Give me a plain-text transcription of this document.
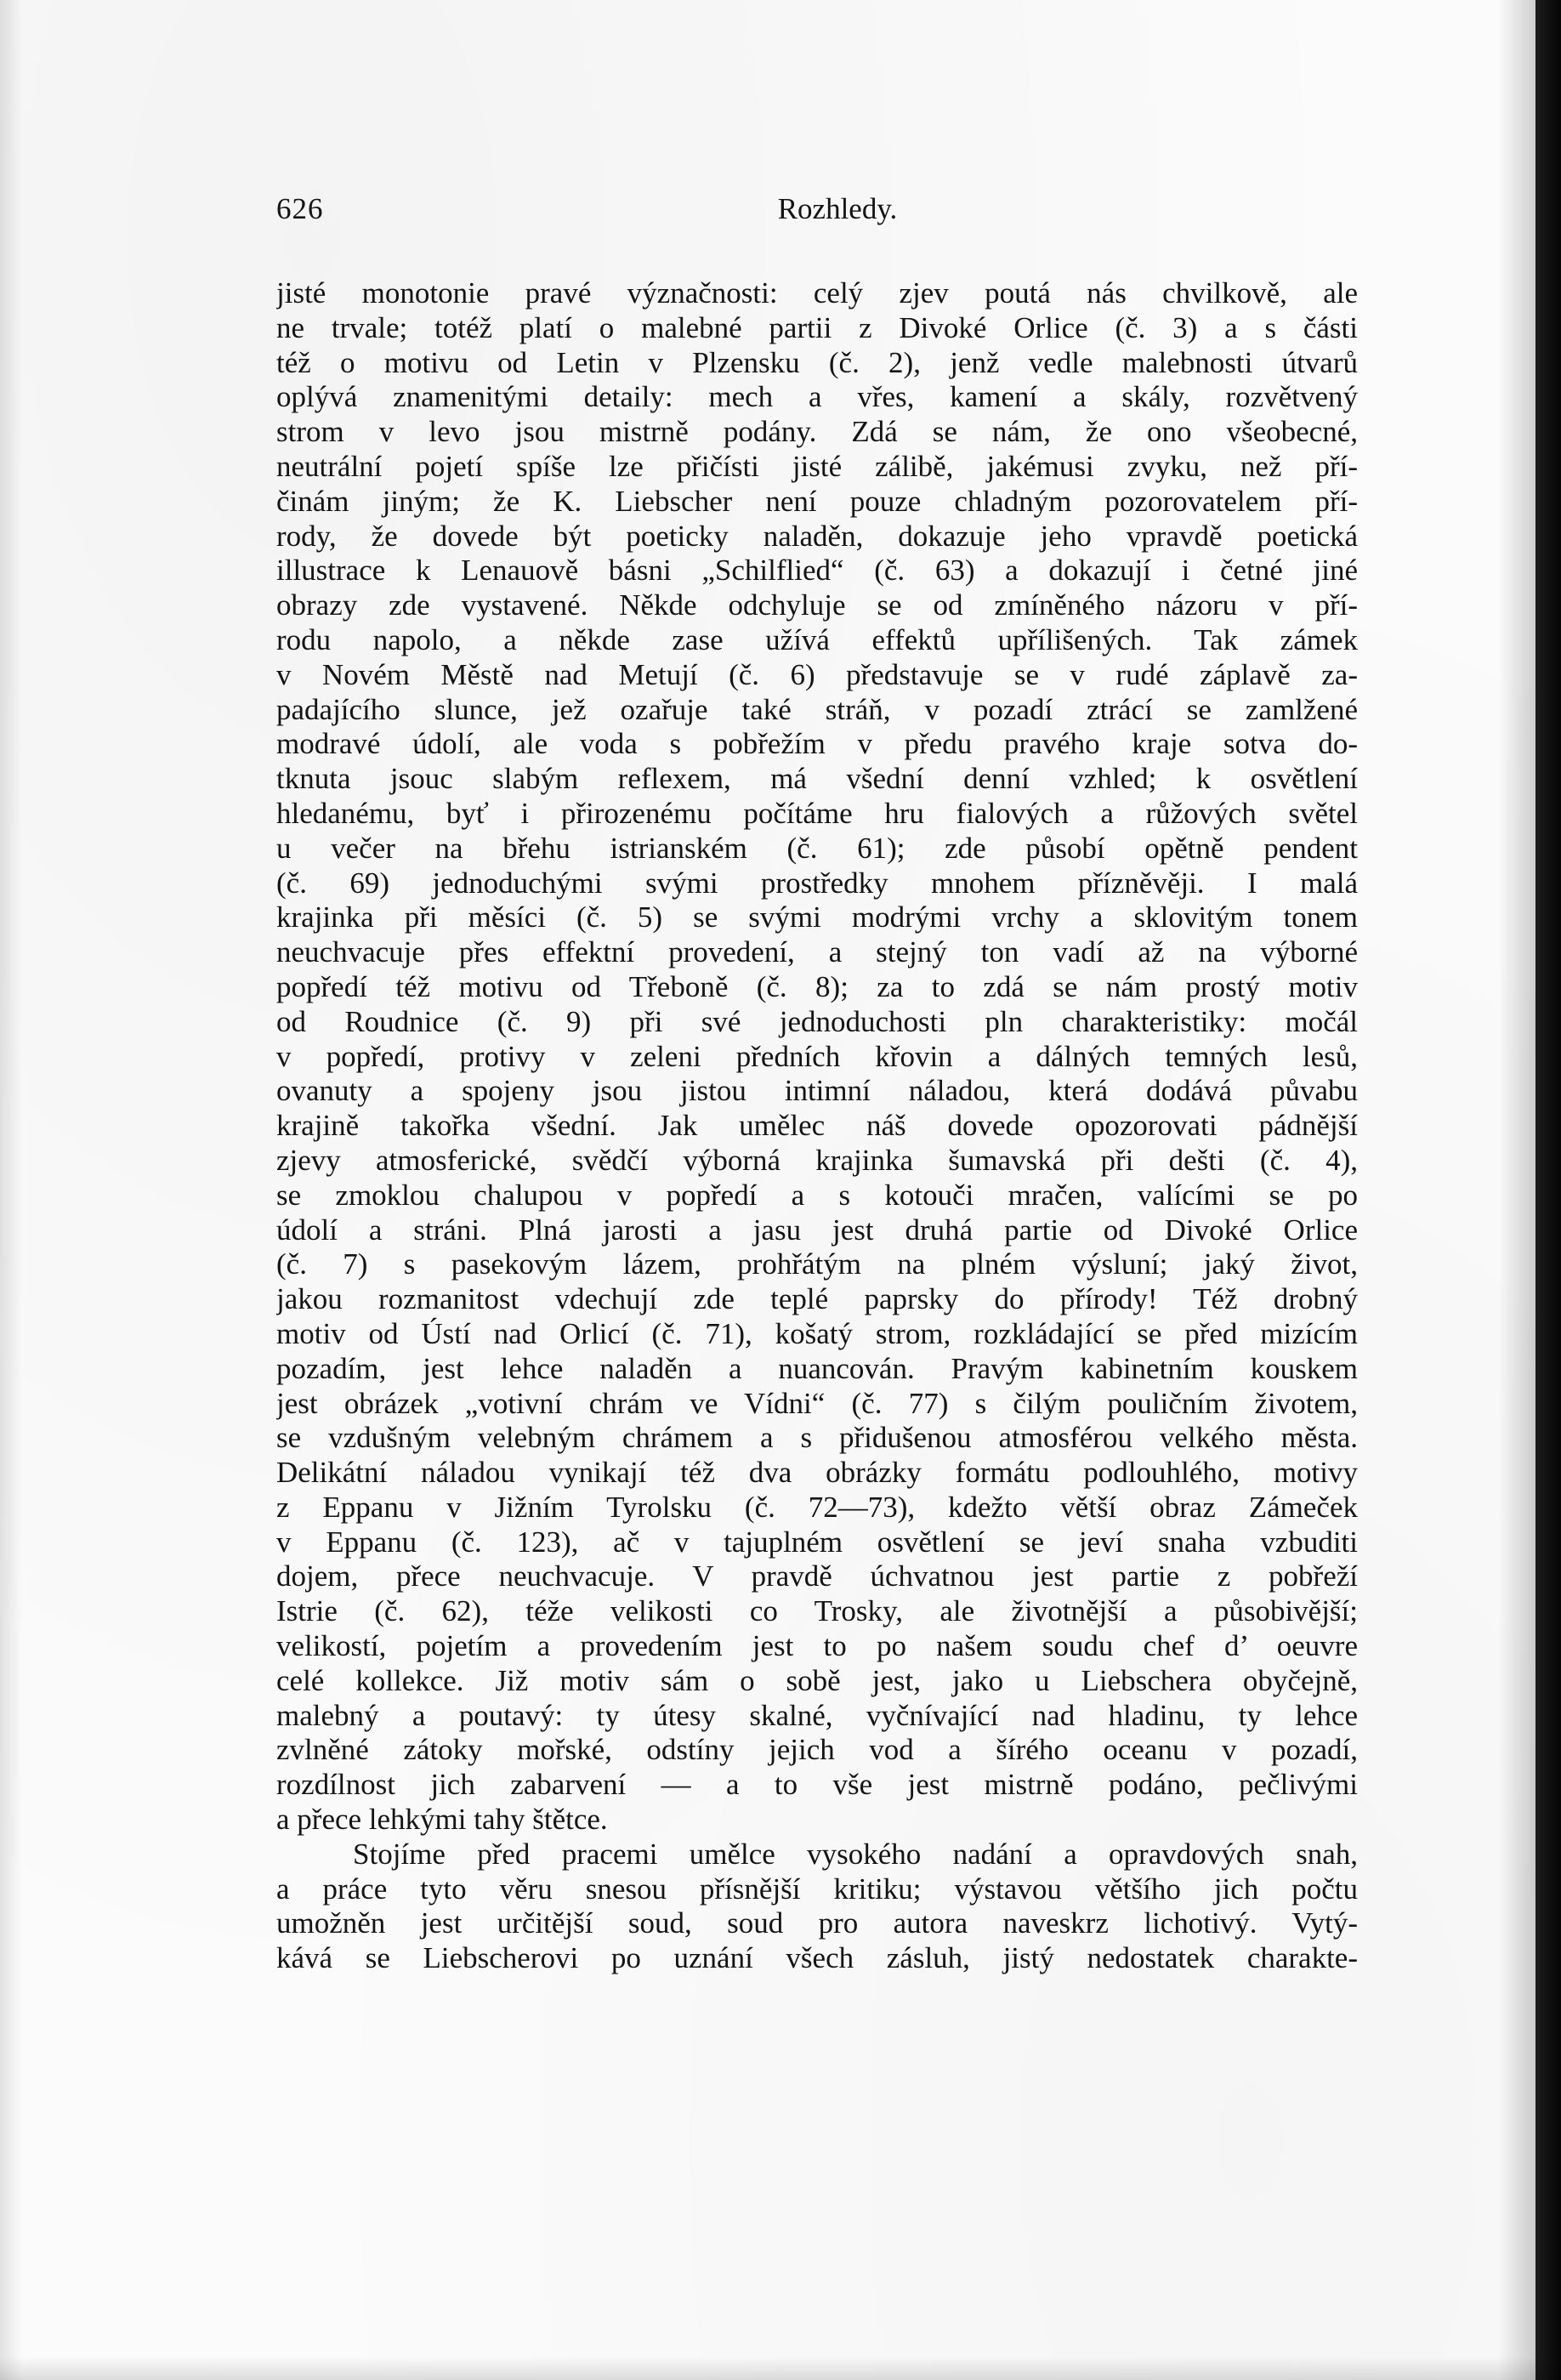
626	Rozhledy.
jisté monotonie pravé význačnosti: celý zjev poutá nás chvilkově, ale
ne trvale; totéž platí o malebné partii z Divoké Orlice (č. 3) a s části
též o motivu od Letin v Plzensku (č. 2), jenž vedle malebnosti útvarů
oplývá znamenitými detaily: mech a vřes, kamení a skály, rozvětvený
strom v levo jsou mistrně podány. Zdá se nám, že ono všeobecné,
neutrální pojetí spíše lze přičísti jisté zálibě, jakémusi zvyku, než pří-
činám jiným; že K. Liebscher není pouze chladným pozorovatelem pří-
rody, že dovede být poeticky naladěn, dokazuje jeho vpravdě poetická
illustrace k Lenauově básni „Schilflied“ (č. 63) a dokazují i četné jiné
obrazy zde vystavené. Někde odchyluje se od zmíněného názoru v pří-
rodu napolo, a někde zase užívá effektů upřílišených. Tak zámek
v Novém Městě nad Metují (č. 6) představuje se v rudé záplavě za-
padajícího slunce, jež ozařuje také stráň, v pozadí ztrácí se zamlžené
modravé údolí, ale voda s pobřežím v předu pravého kraje sotva do-
tknuta jsouc slabým reflexem, má všední denní vzhled; k osvětlení
hledanému, byť i přirozenému počítáme hru fialových a růžových světel
u večer na břehu istrianském (č. 61); zde působí opětně pendent
(č. 69) jednoduchými svými prostředky mnohem přízněvěji. I malá
krajinka při měsíci (č. 5) se svými modrými vrchy a sklovitým tonem
neuchvacuje přes effektní provedení, a stejný ton vadí až na výborné
popředí též motivu od Třeboně (č. 8); za to zdá se nám prostý motiv
od Roudnice (č. 9) při své jednoduchosti pln charakteristiky: močál
v popředí, protivy v zeleni předních křovin a dálných temných lesů,
ovanuty a spojeny jsou jistou intimní náladou, která dodává půvabu
krajině takořka všední. Jak umělec náš dovede opozorovati pádnější
zjevy atmosferické, svědčí výborná krajinka šumavská při dešti (č. 4),
se zmoklou chalupou v popředí a s kotouči mračen, valícími se po
údolí a stráni. Plná jarosti a jasu jest druhá partie od Divoké Orlice
(č. 7) s pasekovým lázem, prohřátým na plném výsluní; jaký život,
jakou rozmanitost vdechují zde teplé paprsky do přírody! Též drobný
motiv od Ústí nad Orlicí (č. 71), košatý strom, rozkládající se před mizícím
pozadím, jest lehce naladěn a nuancován. Pravým kabinetním kouskem
jest obrázek „votivní chrám ve Vídni“ (č. 77) s čilým pouličním životem,
se vzdušným velebným chrámem a s přidušenou atmosférou velkého města.
Delikátní náladou vynikají též dva obrázky formátu podlouhlého, motivy
z Eppanu v Jižním Tyrolsku (č. 72—73), kdežto větší obraz Zámeček
v Eppanu (č. 123), ač v tajuplném osvětlení se jeví snaha vzbuditi
dojem, přece neuchvacuje. V pravdě úchvatnou jest partie z pobřeží
Istrie (č. 62), téže velikosti co Trosky, ale životnější a působivější;
velikostí, pojetím a provedením jest to po našem soudu chef d’ oeuvre
celé kollekce. Již motiv sám o sobě jest, jako u Liebschera obyčejně,
malebný a poutavý: ty útesy skalné, vyčnívající nad hladinu, ty lehce
zvlněné zátoky mořské, odstíny jejich vod a šírého oceanu v pozadí,
rozdílnost jich zabarvení — a to vše jest mistrně podáno, pečlivými
a přece lehkými tahy štětce.
Stojíme před pracemi umělce vysokého nadání a opravdových snah,
a práce tyto věru snesou přísnější kritiku; výstavou většího jich počtu
umožněn jest určitější soud, soud pro autora naveskrz lichotivý. Vytý-
kává se Liebscherovi po uznání všech zásluh, jistý nedostatek charakte-
